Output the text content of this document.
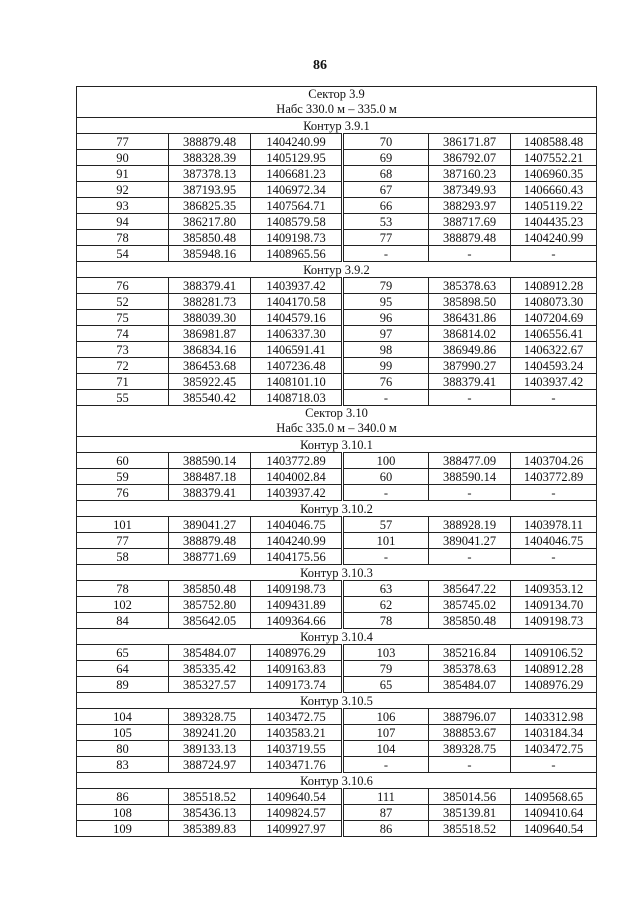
86
Сектор 3.9					
Набс 330.0 м – 335.0 м					
Контур 3.9.1					
77	388879.48	1404240.99	70	386171.87	1408588.48
90	388328.39	1405129.95	69	386792.07	1407552.21
91	387378.13	1406681.23	68	387160.23	1406960.35
92	387193.95	1406972.34	67	387349.93	1406660.43
93	386825.35	1407564.71	66	388293.97	1405119.22
94	386217.80	1408579.58	53	388717.69	1404435.23
78	385850.48	1409198.73	77	388879.48	1404240.99
54	385948.16	1408965.56	-	-	-
Контур 3.9.2					
76	388379.41	1403937.42	79	385378.63	1408912.28
52	388281.73	1404170.58	95	385898.50	1408073.30
75	388039.30	1404579.16	96	386431.86	1407204.69
74	386981.87	1406337.30	97	386814.02	1406556.41
73	386834.16	1406591.41	98	386949.86	1406322.67
72	386453.68	1407236.48	99	387990.27	1404593.24
71	385922.45	1408101.10	76	388379.41	1403937.42
55	385540.42	1408718.03	-	-	-
Сектор 3.10					
Набс 335.0 м – 340.0 м					
Контур 3.10.1					
60	388590.14	1403772.89	100	388477.09	1403704.26
59	388487.18	1404002.84	60	388590.14	1403772.89
76	388379.41	1403937.42	-	-	-
Контур 3.10.2					
101	389041.27	1404046.75	57	388928.19	1403978.11
77	388879.48	1404240.99	101	389041.27	1404046.75
58	388771.69	1404175.56	-	-	-
Контур 3.10.3					
78	385850.48	1409198.73	63	385647.22	1409353.12
102	385752.80	1409431.89	62	385745.02	1409134.70
84	385642.05	1409364.66	78	385850.48	1409198.73
Контур 3.10.4					
65	385484.07	1408976.29	103	385216.84	1409106.52
64	385335.42	1409163.83	79	385378.63	1408912.28
89	385327.57	1409173.74	65	385484.07	1408976.29
Контур 3.10.5					
104	389328.75	1403472.75	106	388796.07	1403312.98
105	389241.20	1403583.21	107	388853.67	1403184.34
80	389133.13	1403719.55	104	389328.75	1403472.75
83	388724.97	1403471.76	-	-	-
Контур 3.10.6					
86	385518.52	1409640.54	111	385014.56	1409568.65
108	385436.13	1409824.57	87	385139.81	1409410.64
109	385389.83	1409927.97	86	385518.52	1409640.54
